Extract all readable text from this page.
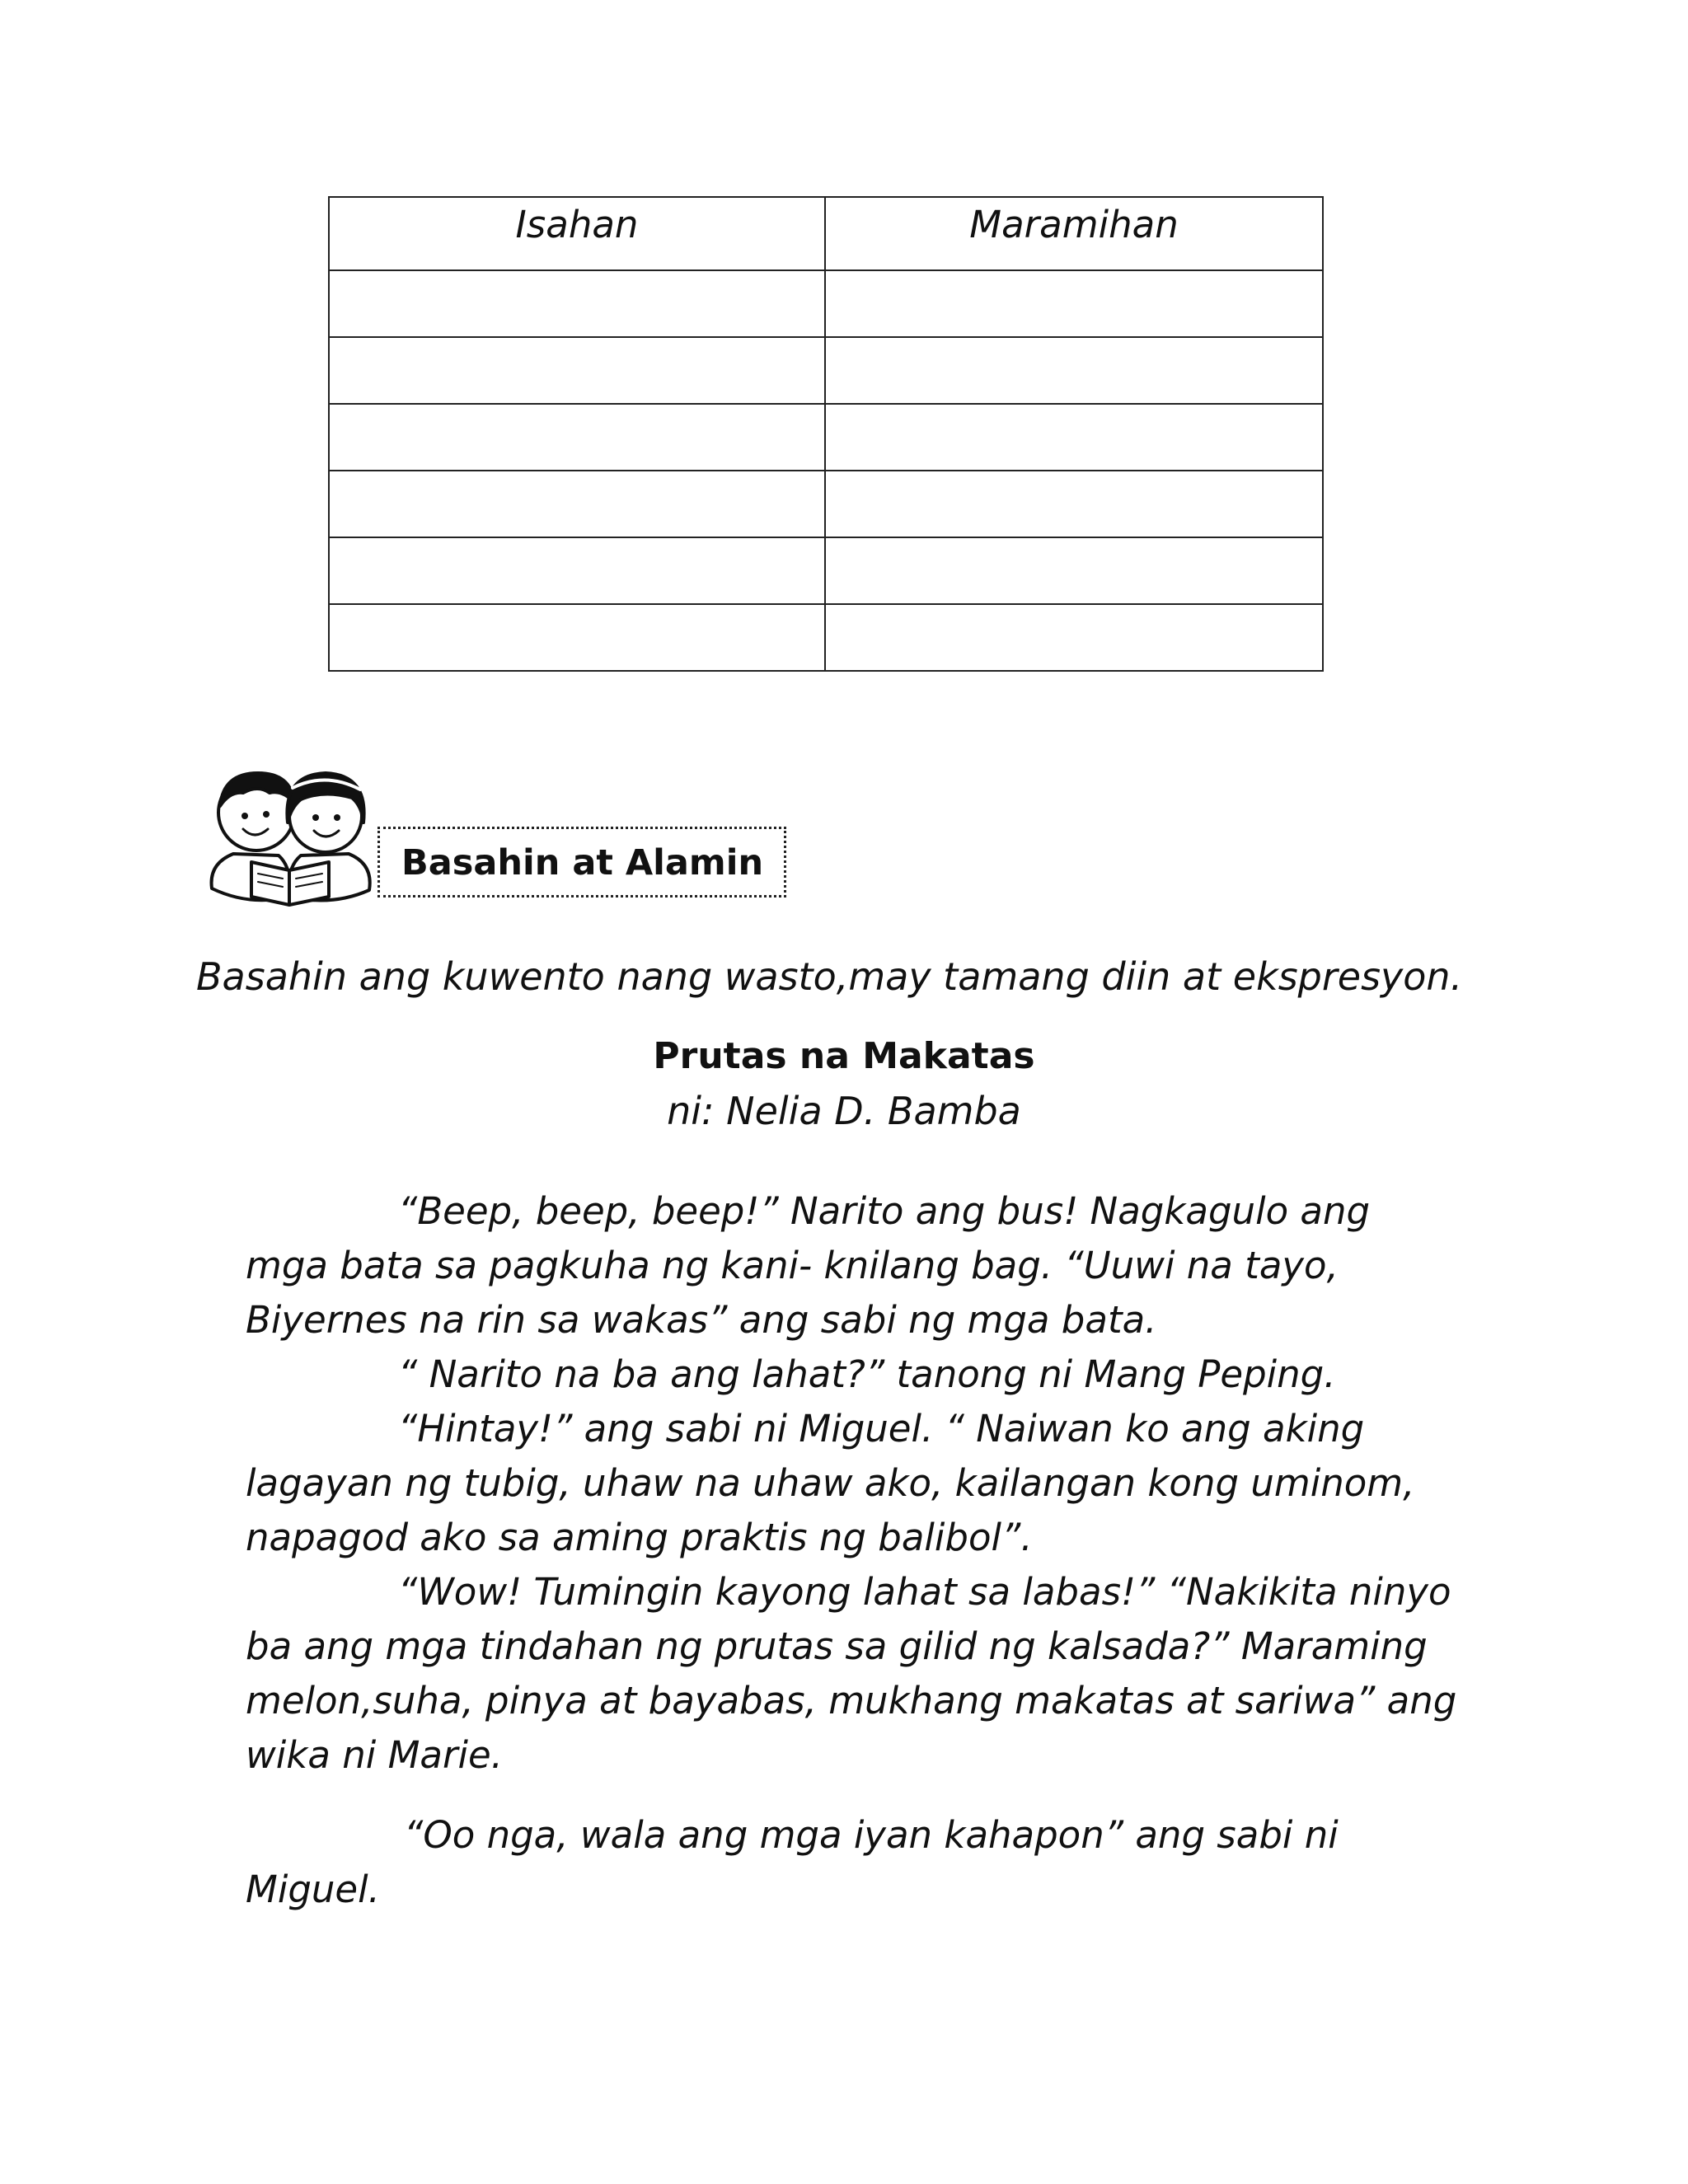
Isahan	Maramihan

Basahin at Alamin
Basahin ang kuwento nang wasto,may tamang diin at ekspresyon.
Prutas na Makatas
ni: Nelia D. Bamba
“Beep, beep, beep!” Narito ang bus! Nagkagulo ang
mga bata sa pagkuha ng kani- knilang bag. “Uuwi na tayo,
Biyernes na rin sa wakas” ang sabi ng mga bata.
“ Narito na ba ang lahat?” tanong ni Mang Peping.
“Hintay!” ang sabi ni Miguel. “ Naiwan ko ang aking
lagayan ng tubig, uhaw na uhaw ako, kailangan kong uminom,
napagod ako sa aming praktis ng balibol”.
“Wow! Tumingin kayong lahat sa labas!” “Nakikita ninyo
ba ang mga tindahan ng prutas sa gilid ng kalsada?” Maraming
melon,suha, pinya at bayabas, mukhang makatas at sariwa” ang
wika ni Marie.
“Oo nga, wala ang mga iyan kahapon” ang sabi ni
Miguel.
